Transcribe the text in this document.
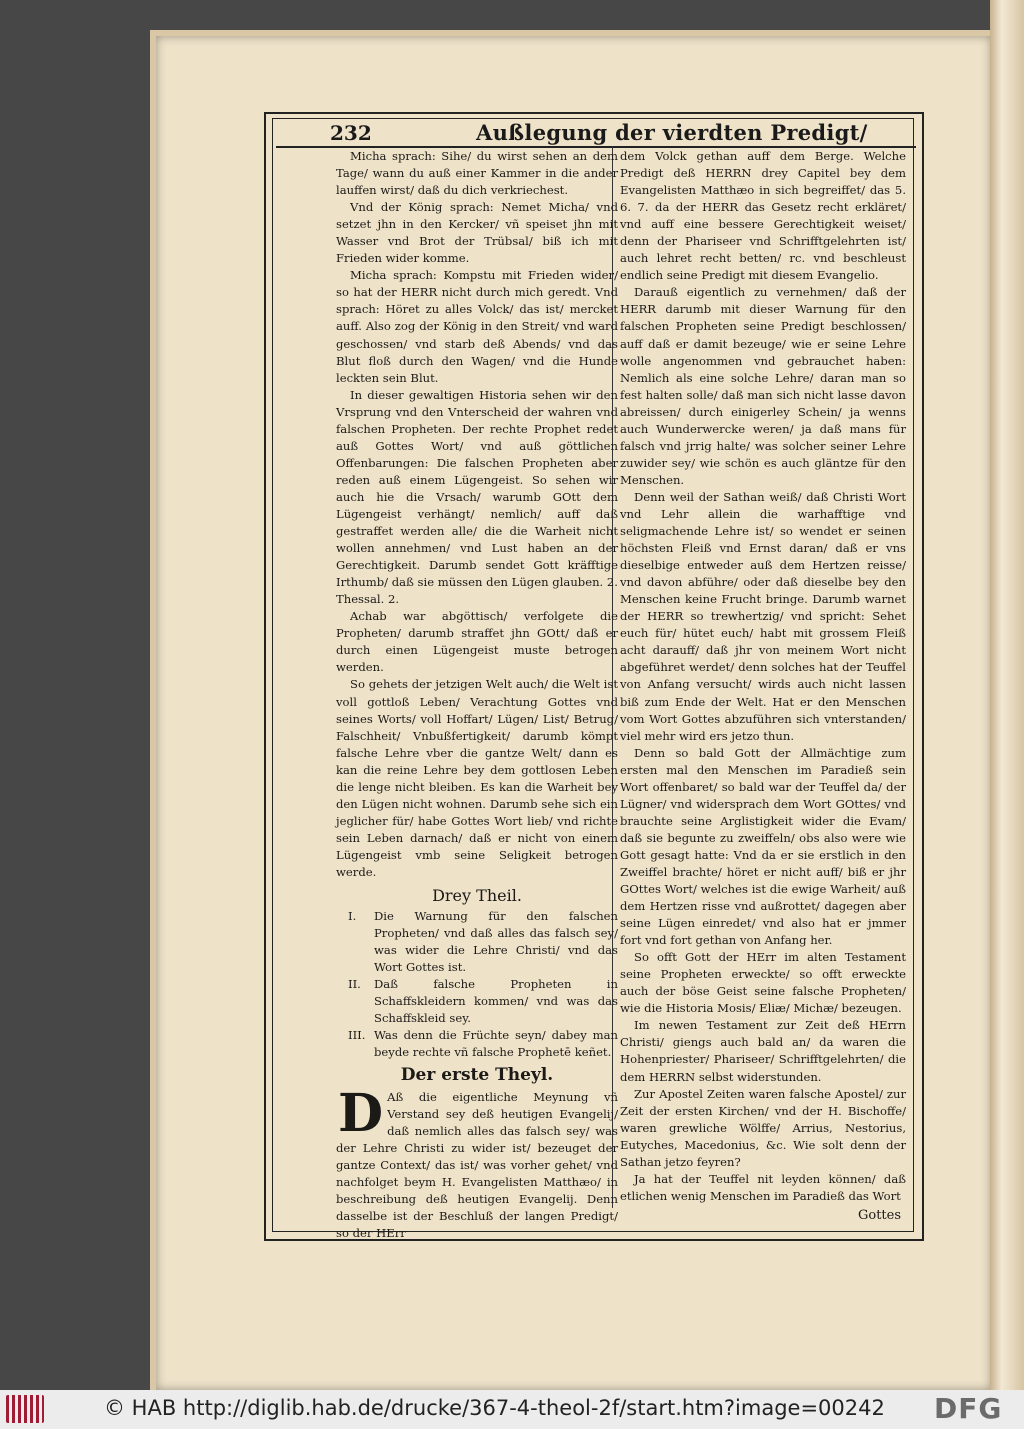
232	Außlegung der vierdten Predigt/

Micha sprach: Sihe/ du wirst sehen an dem Tage/ wann du auß einer Kammer in die ander lauffen wirst/ daß du dich verkriechest.

Vnd der König sprach: Nemet Micha/ vnd setzet jhn in den Kercker/ vñ speiset jhn mit Wasser vnd Brot der Trübsal/ biß ich mit Frieden wider komme.

Micha sprach: Kompstu mit Frieden wider/ so hat der HERR nicht durch mich geredt. Vnd sprach: Höret zu alles Volck/ das ist/ mercket auff. Also zog der König in den Streit/ vnd ward geschossen/ vnd starb deß Abends/ vnd das Blut floß durch den Wagen/ vnd die Hunde leckten sein Blut.

In dieser gewaltigen Historia sehen wir den Vrsprung vnd den Vnterscheid der wahren vnd falschen Propheten. Der rechte Prophet redet auß Gottes Wort/ vnd auß göttlichen Offenbarungen: Die falschen Propheten aber reden auß einem Lügengeist. So sehen wir auch hie die Vrsach/ warumb GOtt dem Lügengeist verhängt/ nemlich/ auff daß gestraffet werden alle/ die die Warheit nicht wollen annehmen/ vnd Lust haben an der Gerechtigkeit. Darumb sendet Gott kräfftige Irthumb/ daß sie müssen den Lügen glauben. 2. Thessal. 2.

Achab war abgöttisch/ verfolgete die Propheten/ darumb straffet jhn GOtt/ daß er durch einen Lügengeist muste betrogen werden.

So gehets der jetzigen Welt auch/ die Welt ist voll gottloß Leben/ Verachtung Gottes vnd seines Worts/ voll Hoffart/ Lügen/ List/ Betrug/ Falschheit/ Vnbußfertigkeit/ darumb kömpt falsche Lehre vber die gantze Welt/ dann es kan die reine Lehre bey dem gottlosen Leben die lenge nicht bleiben. Es kan die Warheit bey den Lügen nicht wohnen. Darumb sehe sich ein jeglicher für/ habe Gottes Wort lieb/ vnd richte sein Leben darnach/ daß er nicht von einem Lügengeist vmb seine Seligkeit betrogen werde.

Drey Theil.
I. Die Warnung für den falschen Propheten/ vnd daß alles das falsch sey/ was wider die Lehre Christi/ vnd das Wort Gottes ist.
II. Daß falsche Propheten in Schaffskleidern kommen/ vnd was das Schaffskleid sey.
III. Was denn die Früchte seyn/ dabey man beyde rechte vñ falsche Prophetē keñet.
Der erste Theyl.

D Aß die eigentliche Meynung vñ Verstand sey deß heutigen Evangelij/ daß nemlich alles das falsch sey/ was der Lehre Christi zu wider ist/ bezeuget der gantze Context/ das ist/ was vorher gehet/ vnd nachfolget beym H. Evangelisten Matthæo/ in beschreibung deß heutigen Evangelij. Denn dasselbe ist der Beschluß der langen Predigt/ so der HErr

dem Volck gethan auff dem Berge. Welche Predigt deß HERRN drey Capitel bey dem Evangelisten Matthæo in sich begreiffet/ das 5. 6. 7. da der HERR das Gesetz recht erkläret/ vnd auff eine bessere Gerechtigkeit weiset/ denn der Phariseer vnd Schrifftgelehrten ist/ auch lehret recht betten/ rc. vnd beschleust endlich seine Predigt mit diesem Evangelio.

Darauß eigentlich zu vernehmen/ daß der HERR darumb mit dieser Warnung für den falschen Propheten seine Predigt beschlossen/ auff daß er damit bezeuge/ wie er seine Lehre wolle angenommen vnd gebrauchet haben: Nemlich als eine solche Lehre/ daran man so fest halten solle/ daß man sich nicht lasse davon abreissen/ durch einigerley Schein/ ja wenns auch Wunderwercke weren/ ja daß mans für falsch vnd jrrig halte/ was solcher seiner Lehre zuwider sey/ wie schön es auch gläntze für den Menschen.

Denn weil der Sathan weiß/ daß Christi Wort vnd Lehr allein die warhafftige vnd seligmachende Lehre ist/ so wendet er seinen höchsten Fleiß vnd Ernst daran/ daß er vns dieselbige entweder auß dem Hertzen reisse/ vnd davon abführe/ oder daß dieselbe bey den Menschen keine Frucht bringe. Darumb warnet der HERR so trewhertzig/ vnd spricht: Sehet euch für/ hütet euch/ habt mit grossem Fleiß acht darauff/ daß jhr von meinem Wort nicht abgeführet werdet/ denn solches hat der Teuffel von Anfang versucht/ wirds auch nicht lassen biß zum Ende der Welt. Hat er den Menschen vom Wort Gottes abzuführen sich vnterstanden/ viel mehr wird ers jetzo thun.

Denn so bald Gott der Allmächtige zum ersten mal den Menschen im Paradieß sein Wort offenbaret/ so bald war der Teuffel da/ der Lügner/ vnd widersprach dem Wort GOttes/ vnd brauchte seine Arglistigkeit wider die Evam/ daß sie begunte zu zweiffeln/ obs also were wie Gott gesagt hatte: Vnd da er sie erstlich in den Zweiffel brachte/ höret er nicht auff/ biß er jhr GOttes Wort/ welches ist die ewige Warheit/ auß dem Hertzen risse vnd außrottet/ dagegen aber seine Lügen einredet/ vnd also hat er jmmer fort vnd fort gethan von Anfang her.

So offt Gott der HErr im alten Testament seine Propheten erweckte/ so offt erweckte auch der böse Geist seine falsche Propheten/ wie die Historia Mosis/ Eliæ/ Michæ/ bezeugen.

Im newen Testament zur Zeit deß HErrn Christi/ giengs auch bald an/ da waren die Hohenpriester/ Phariseer/ Schrifftgelehrten/ die dem HERRN selbst widerstunden.

Zur Apostel Zeiten waren falsche Apostel/ zur Zeit der ersten Kirchen/ vnd der H. Bischoffe/ waren grewliche Wölffe/ Arrius, Nestorius, Eutyches, Macedonius, &c. Wie solt denn der Sathan jetzo feyren?

Ja hat der Teuffel nit leyden können/ daß etlichen wenig Menschen im Paradieß das Wort

Gottes
© HAB http://diglib.hab.de/drucke/367-4-theol-2f/start.htm?image=00242 DFG
